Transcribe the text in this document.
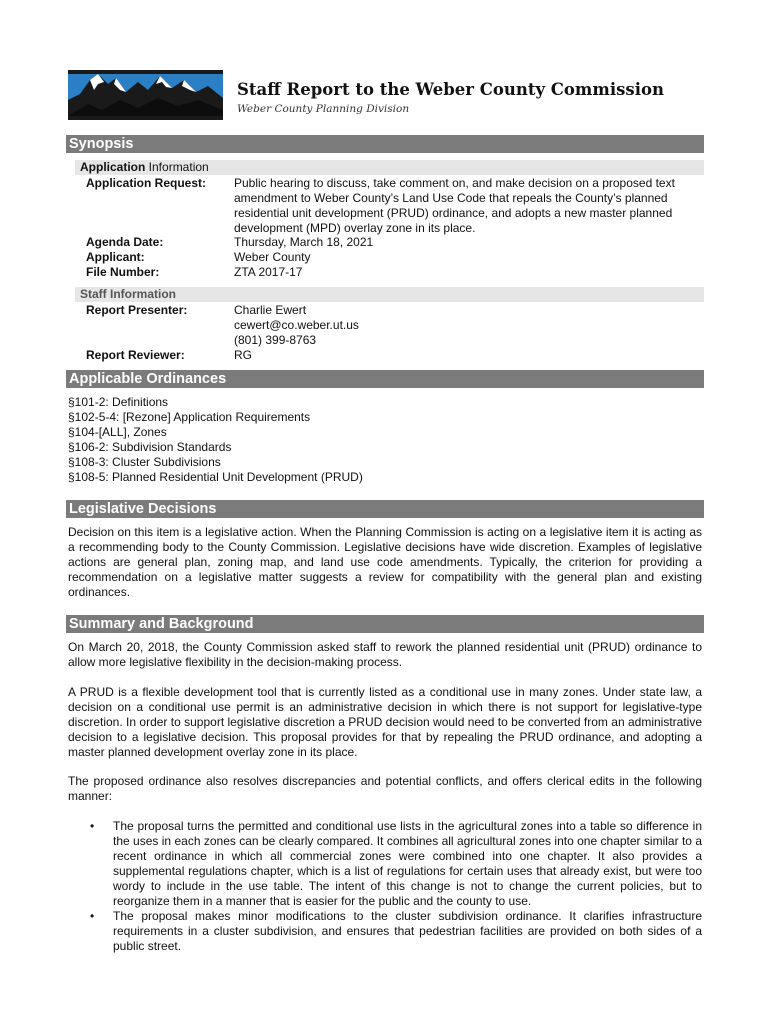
Staff Report to the Weber County Commission
Weber County Planning Division
Synopsis
Application Information
Application Request: Public hearing to discuss, take comment on, and make decision on a proposed text amendment to Weber County’s Land Use Code that repeals the County’s planned residential unit development (PRUD) ordinance, and adopts a new master planned development (MPD) overlay zone in its place.
Agenda Date:	Thursday, March 18, 2021
Applicant:	Weber County
File Number:	ZTA 2017-17
Staff Information
Report Presenter:	Charlie Ewert
cewert@co.weber.ut.us
(801) 399-8763
Report Reviewer:	RG
Applicable Ordinances
§101-2: Definitions
§102-5-4: [Rezone] Application Requirements
§104-[ALL], Zones
§106-2: Subdivision Standards
§108-3: Cluster Subdivisions
§108-5: Planned Residential Unit Development (PRUD)
Legislative Decisions
Decision on this item is a legislative action. When the Planning Commission is acting on a legislative item it is acting as a recommending body to the County Commission. Legislative decisions have wide discretion. Examples of legislative actions are general plan, zoning map, and land use code amendments. Typically, the criterion for providing a recommendation on a legislative matter suggests a review for compatibility with the general plan and existing ordinances.
Summary and Background
On March 20, 2018, the County Commission asked staff to rework the planned residential unit (PRUD) ordinance to allow more legislative flexibility in the decision-making process.
A PRUD is a flexible development tool that is currently listed as a conditional use in many zones. Under state law, a decision on a conditional use permit is an administrative decision in which there is not support for legislative-type discretion. In order to support legislative discretion a PRUD decision would need to be converted from an administrative decision to a legislative decision. This proposal provides for that by repealing the PRUD ordinance, and adopting a master planned development overlay zone in its place.
The proposed ordinance also resolves discrepancies and potential conflicts, and offers clerical edits in the following manner:
• The proposal turns the permitted and conditional use lists in the agricultural zones into a table so difference in the uses in each zones can be clearly compared. It combines all agricultural zones into one chapter similar to a recent ordinance in which all commercial zones were combined into one chapter. It also provides a supplemental regulations chapter, which is a list of regulations for certain uses that already exist, but were too wordy to include in the use table. The intent of this change is not to change the current policies, but to reorganize them in a manner that is easier for the public and the county to use.
• The proposal makes minor modifications to the cluster subdivision ordinance. It clarifies infrastructure requirements in a cluster subdivision, and ensures that pedestrian facilities are provided on both sides of a public street.
